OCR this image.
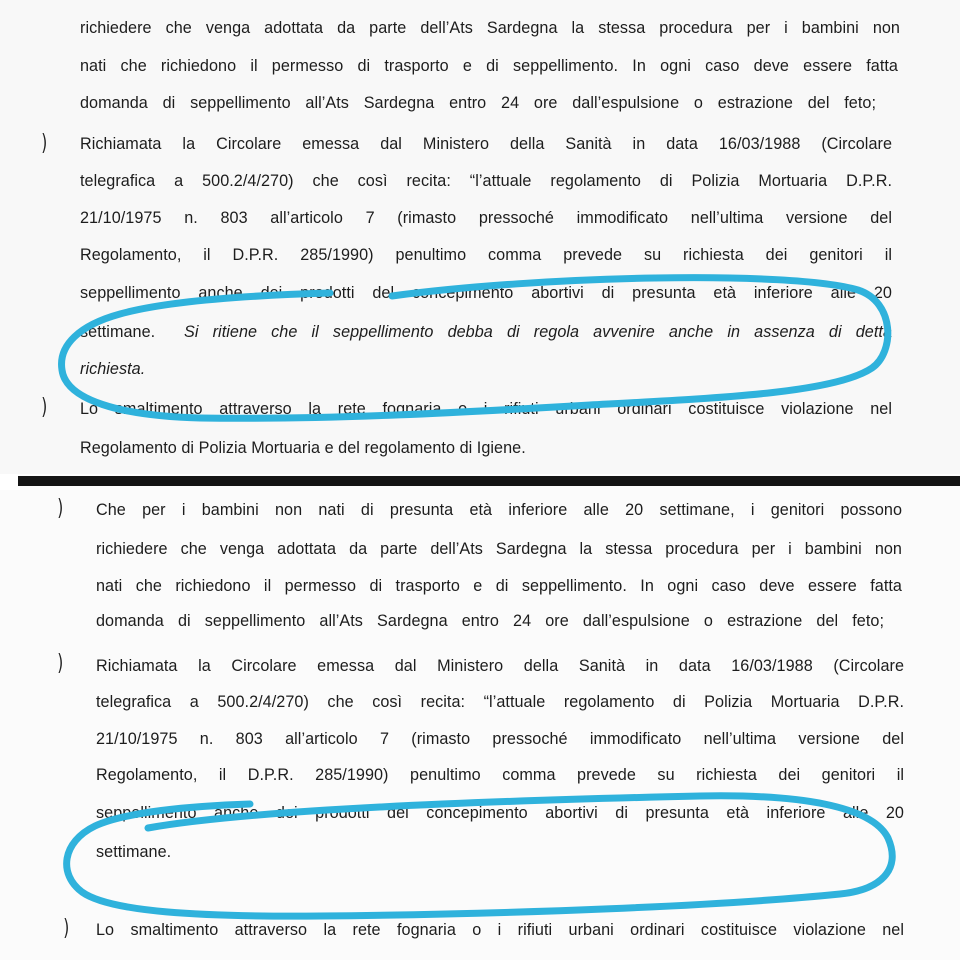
richiedere che venga adottata da parte dell’Ats Sardegna la stessa procedura per i bambini non
nati che richiedono il permesso di trasporto e di seppellimento. In ogni caso deve essere fatta
domanda di seppellimento all’Ats Sardegna entro 24 ore dall’espulsione o estrazione del feto;
) Richiamata la Circolare emessa dal Ministero della Sanità in data 16/03/1988 (Circolare
telegrafica a 500.2/4/270) che così recita: “l’attuale regolamento di Polizia Mortuaria D.P.R.
21/10/1975 n. 803 all’articolo 7 (rimasto pressoché immodificato nell’ultima versione del
Regolamento, il D.P.R. 285/1990) penultimo comma prevede su richiesta dei genitori il
seppellimento anche dei prodotti del concepimento abortivi di presunta età inferiore alle 20
settimane.	Si ritiene che il seppellimento debba di regola avvenire anche in assenza di detta
richiesta.
) Lo smaltimento attraverso la rete fognaria o i rifiuti urbani ordinari costituisce violazione nel
Regolamento di Polizia Mortuaria e del regolamento di Igiene.
) Che per i bambini non nati di presunta età inferiore alle 20 settimane, i genitori possono
richiedere che venga adottata da parte dell’Ats Sardegna la stessa procedura per i bambini non
nati che richiedono il permesso di trasporto e di seppellimento. In ogni caso deve essere fatta
domanda di seppellimento all’Ats Sardegna entro 24 ore dall’espulsione o estrazione del feto;
) Richiamata la Circolare emessa dal Ministero della Sanità in data 16/03/1988 (Circolare
telegrafica a 500.2/4/270) che così recita: “l’attuale regolamento di Polizia Mortuaria D.P.R.
21/10/1975 n. 803 all’articolo 7 (rimasto pressoché immodificato nell’ultima versione del
Regolamento, il D.P.R. 285/1990) penultimo comma prevede su richiesta dei genitori il
seppellimento anche dei prodotti del concepimento abortivi di presunta età inferiore alle 20
settimane.
) Lo smaltimento attraverso la rete fognaria o i rifiuti urbani ordinari costituisce violazione nel
